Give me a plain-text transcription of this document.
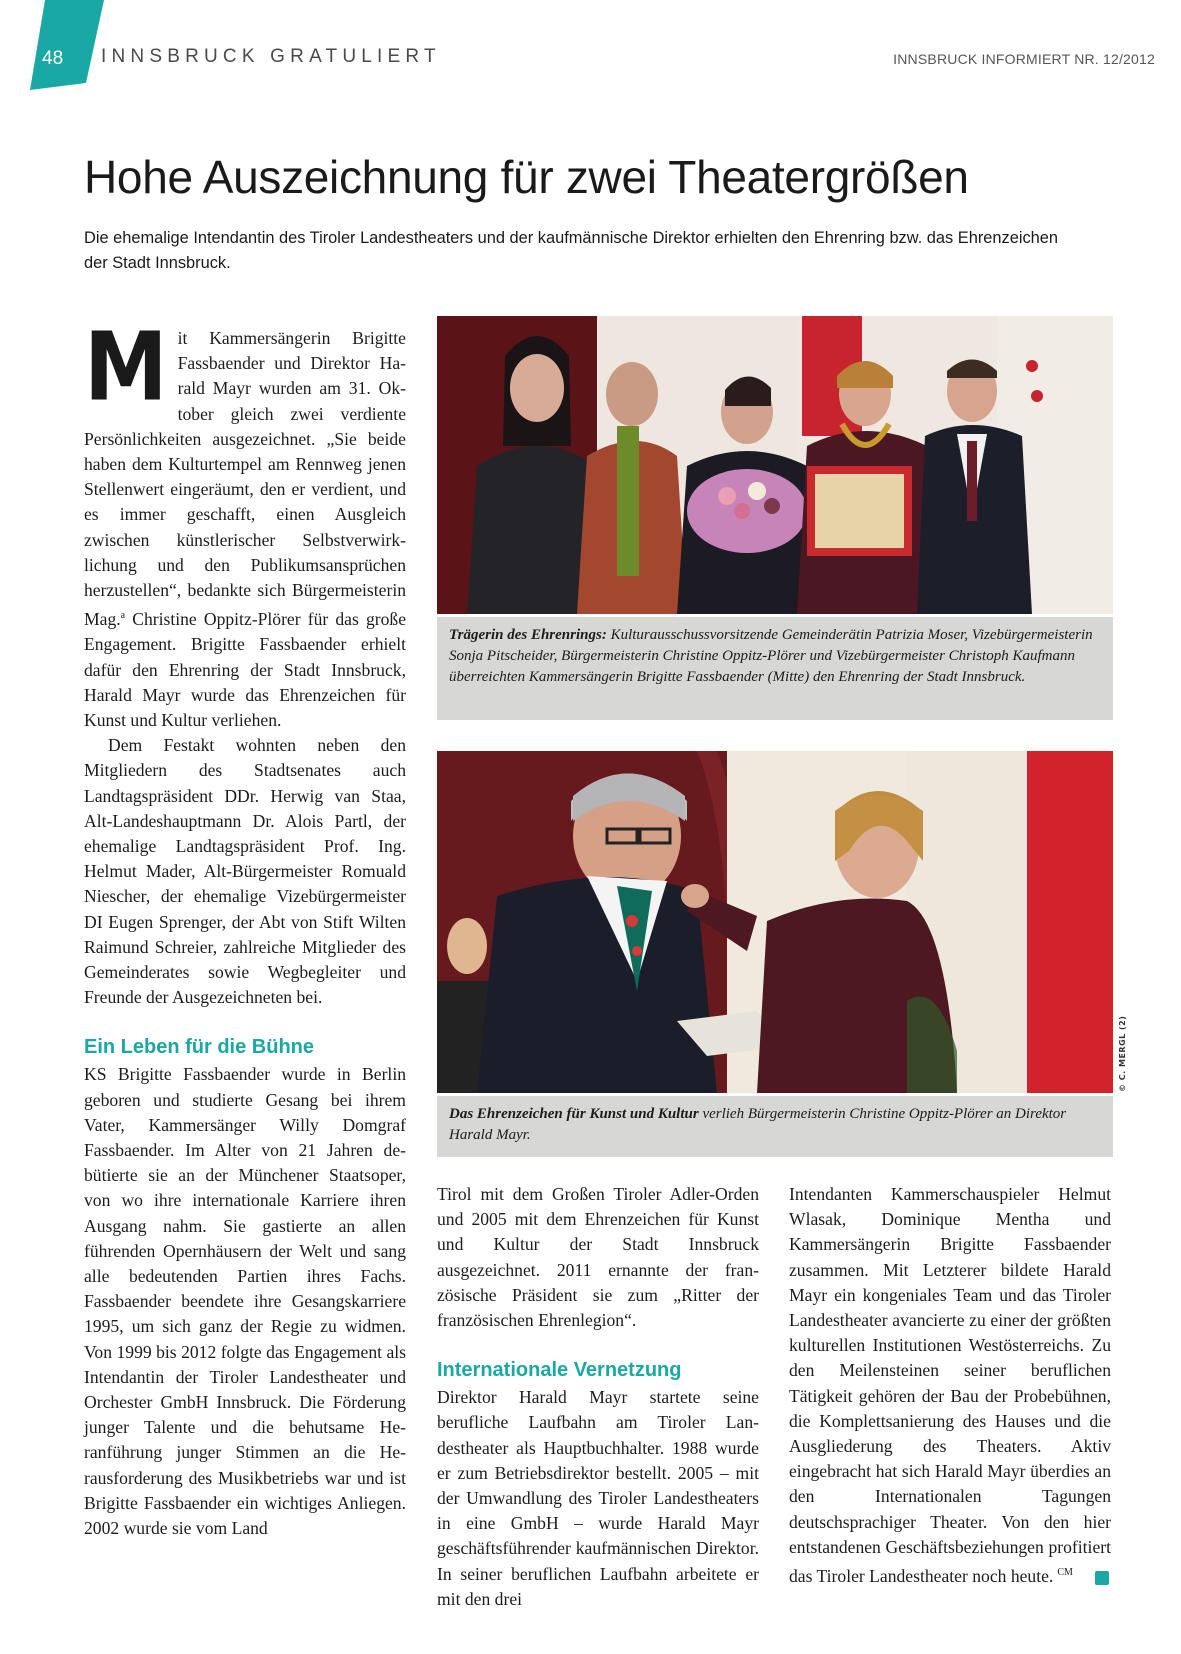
48 INNSBRUCK GRATULIERT	INNSBRUCK INFORMIERT NR. 12/2012
Hohe Auszeichnung für zwei Theatergrößen
Die ehemalige Intendantin des Tiroler Landestheaters und der kaufmännische Direktor erhielten den Ehrenring bzw. das Ehrenzeichen der Stadt Innsbruck.

Mit Kammersängerin Brigitte Fassbaender und Direktor Harald Mayr wurden am 31. Oktober gleich zwei verdiente Persönlichkeiten ausgezeichnet. „Sie beide haben dem Kulturtempel am Rennweg jenen Stellenwert eingeräumt, den er verdient, und es immer geschafft, einen Ausgleich zwischen künstlerischer Selbstverwirklichung und den Publikumsansprüchen herzustellen“, bedankte sich Bürgermeisterin Mag.$^a$ Christine Oppitz-Plörer für das große Engagement. Brigitte Fassbaender erhielt dafür den Ehrenring der Stadt Innsbruck, Harald Mayr wurde das Ehrenzeichen für Kunst und Kultur verliehen.

Dem Festakt wohnten neben den Mitgliedern des Stadtsenates auch Landtagspräsident DDr. Herwig van Staa, Alt-Landeshauptmann Dr. Alois Partl, der ehemalige Landtagspräsident Prof. Ing. Helmut Mader, Alt-Bürgermeister Romuald Niescher, der ehemalige Vizebürgermeister DI Eugen Sprenger, der Abt von Stift Wilten Raimund Schreier, zahlreiche Mitglieder des Gemeinderates sowie Wegbegleiter und Freunde der Ausgezeichneten bei.

Ein Leben für die Bühne

KS Brigitte Fassbaender wurde in Berlin geboren und studierte Gesang bei ihrem Vater, Kammersänger Willy Domgraf Fassbaender. Im Alter von 21 Jahren debütierte sie an der Münchener Staatsoper, von wo ihre internationale Karriere ihren Ausgang nahm. Sie gastierte an allen führenden Opernhäusern der Welt und sang alle bedeutenden Partien ihres Fachs. Fassbaender beendete ihre Gesangskarriere 1995, um sich ganz der Regie zu widmen. Von 1999 bis 2012 folgte das Engagement als Intendantin der Tiroler Landestheater und Orchester GmbH Innsbruck. Die Förderung junger Talente und die behutsame Heranführung junger Stimmen an die Herausforderung des Musikbetriebs war und ist Brigitte Fassbaender ein wichtiges Anliegen. 2002 wurde sie vom Land

Trägerin des Ehrenrings: Kulturausschussvorsitzende Gemeinderätin Patrizia Moser, Vizebürgermeisterin Sonja Pitscheider, Bürgermeisterin Christine Oppitz-Plörer und Vizebürgermeister Christoph Kaufmann überreichten Kammersängerin Brigitte Fassbaender (Mitte) den Ehrenring der Stadt Innsbruck.
Das Ehrenzeichen für Kunst und Kultur verlieh Bürgermeisterin Christine Oppitz-Plörer an Direktor Harald Mayr.
© C. MERGL (2)

Tirol mit dem Großen Tiroler Adler-Orden und 2005 mit dem Ehrenzeichen für Kunst und Kultur der Stadt Innsbruck ausgezeichnet. 2011 ernannte der französische Präsident sie zum „Ritter der französischen Ehrenlegion“.

Internationale Vernetzung

Direktor Harald Mayr startete seine berufliche Laufbahn am Tiroler Landestheater als Hauptbuchhalter. 1988 wurde er zum Betriebsdirektor bestellt. 2005 – mit der Umwandlung des Tiroler Landestheaters in eine GmbH – wurde Harald Mayr geschäftsführender kaufmännischen Direktor. In seiner beruflichen Laufbahn arbeitete er mit den drei

Intendanten Kammerschauspieler Helmut Wlasak, Dominique Mentha und Kammersängerin Brigitte Fassbaender zusammen. Mit Letzterer bildete Harald Mayr ein kongeniales Team und das Tiroler Landestheater avancierte zu einer der größten kulturellen Institutionen Westösterreichs. Zu den Meilensteinen seiner beruflichen Tätigkeit gehören der Bau der Probebühnen, die Komplettsanierung des Hauses und die Ausgliederung des Theaters. Aktiv eingebracht hat sich Harald Mayr überdies an den Internationalen Tagungen deutschsprachiger Theater. Von den hier entstandenen Geschäftsbeziehungen profitiert das Tiroler Landestheater noch heute. $^{CM}$
